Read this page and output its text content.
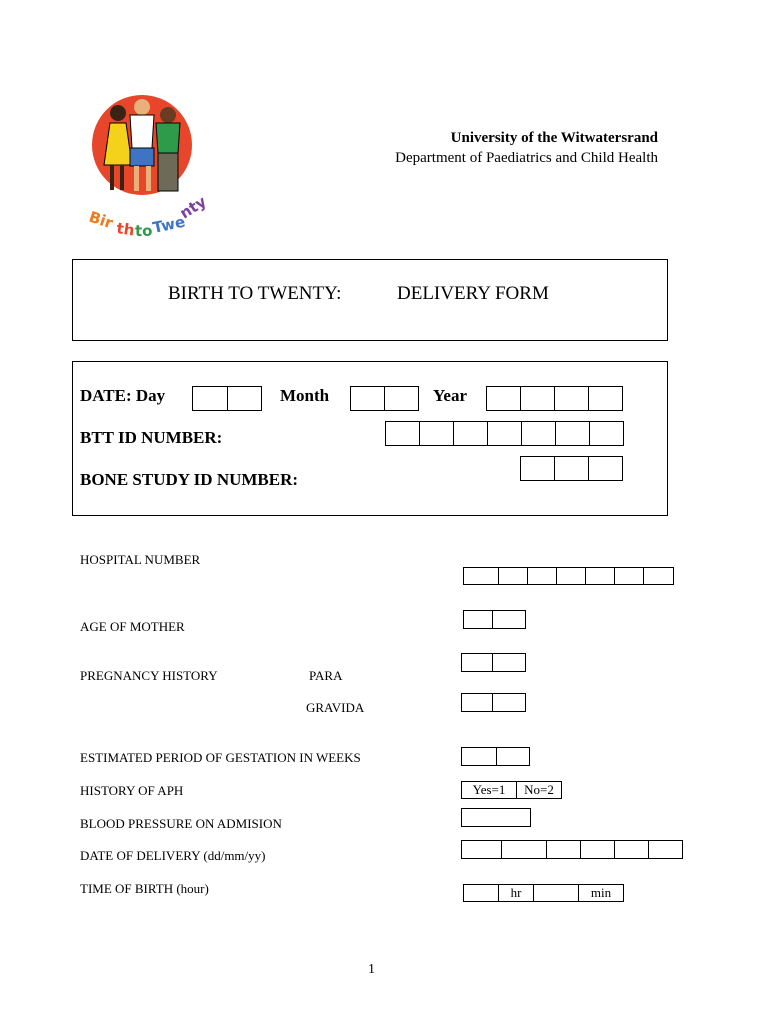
Bir th to
Twe
nty
University of the Witwatersrand
Department of Paediatrics and Child Health
BIRTH TO TWENTY:	DELIVERY FORM
DATE: Day	Month	Year
BTT ID NUMBER:
BONE STUDY ID NUMBER:
HOSPITAL NUMBER
AGE OF MOTHER
PREGNANCY HISTORY	PARA
GRAVIDA
ESTIMATED PERIOD OF GESTATION IN WEEKS
HISTORY OF APH	Yes=1	No=2
BLOOD PRESSURE ON ADMISION
DATE OF DELIVERY (dd/mm/yy)
TIME OF BIRTH (hour)	hr	min
1
